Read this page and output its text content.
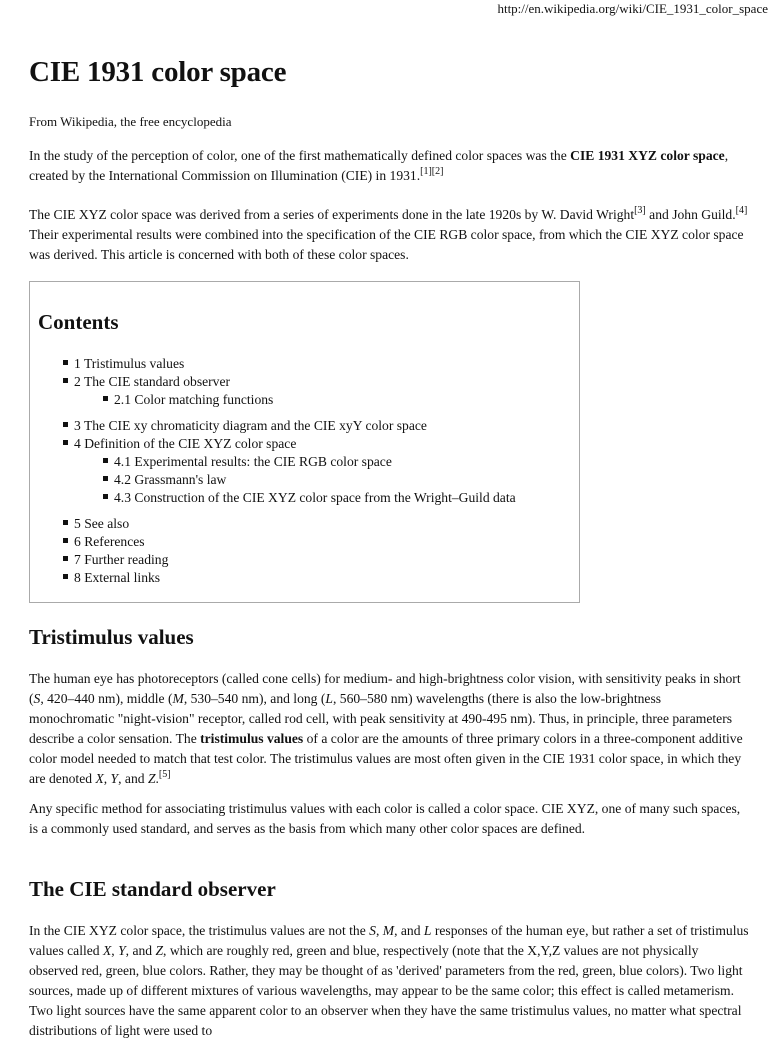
http://en.wikipedia.org/wiki/CIE_1931_color_space
CIE 1931 color space
From Wikipedia, the free encyclopedia

In the study of the perception of color, one of the first mathematically defined color spaces was the CIE 1931 XYZ color space, created by the International Commission on Illumination (CIE) in 1931.[1][2]

The CIE XYZ color space was derived from a series of experiments done in the late 1920s by W. David Wright[3] and John Guild.[4] Their experimental results were combined into the specification of the CIE RGB color space, from which the CIE XYZ color space was derived. This article is concerned with both of these color spaces.

Contents
1 Tristimulus values
2 The CIE standard observer
2.1 Color matching functions
3 The CIE xy chromaticity diagram and the CIE xyY color space
4 Definition of the CIE XYZ color space
4.1 Experimental results: the CIE RGB color space
4.2 Grassmann's law
4.3 Construction of the CIE XYZ color space from the Wright–Guild data
5 See also
6 References
7 Further reading
8 External links
Tristimulus values

The human eye has photoreceptors (called cone cells) for medium- and high-brightness color vision, with sensitivity peaks in short (S, 420–440 nm), middle (M, 530–540 nm), and long (L, 560–580 nm) wavelengths (there is also the low-brightness monochromatic "night-vision" receptor, called rod cell, with peak sensitivity at 490-495 nm). Thus, in principle, three parameters describe a color sensation. The tristimulus values of a color are the amounts of three primary colors in a three-component additive color model needed to match that test color. The tristimulus values are most often given in the CIE 1931 color space, in which they are denoted X, Y, and Z.[5]

Any specific method for associating tristimulus values with each color is called a color space. CIE XYZ, one of many such spaces, is a commonly used standard, and serves as the basis from which many other color spaces are defined.

The CIE standard observer

In the CIE XYZ color space, the tristimulus values are not the S, M, and L responses of the human eye, but rather a set of tristimulus values called X, Y, and Z, which are roughly red, green and blue, respectively (note that the X,Y,Z values are not physically observed red, green, blue colors. Rather, they may be thought of as 'derived' parameters from the red, green, blue colors). Two light sources, made up of different mixtures of various wavelengths, may appear to be the same color; this effect is called metamerism. Two light sources have the same apparent color to an observer when they have the same tristimulus values, no matter what spectral distributions of light were used to
